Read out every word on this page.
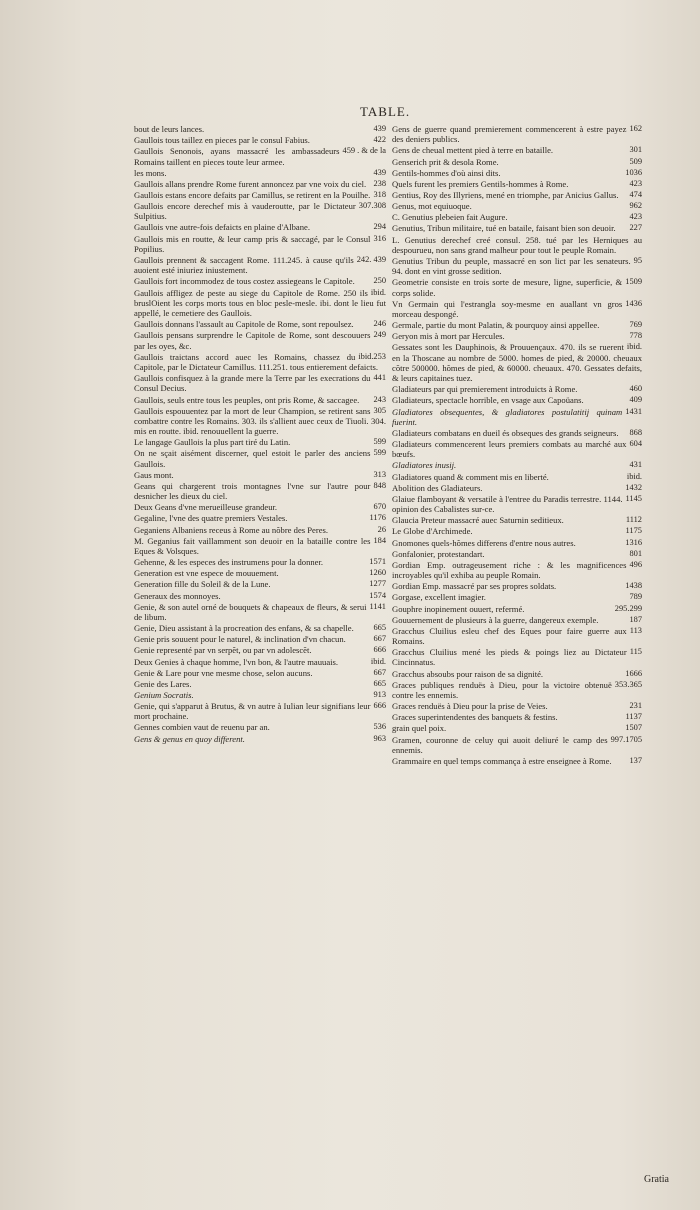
TABLE.
439
bout de leurs lances.
422
Gaullois tous taillez en pieces par le consul Fabius.
459 . & de la
Gaullois Senonois, ayans massacré les ambassadeurs Romains taillent en pieces toute leur armee.
439
les mons.
238
Gaullois allans prendre Rome furent annoncez par vne voix du ciel.
318
Gaullois estans encore defaits par Camillus, se retirent en la Pouilhe.
307.308
Gaullois encore derechef mis à vauderoutte, par le Dictateur Sulpitius.
294
Gaullois vne autre-fois defaicts en plaine d'Albane.
316
Gaullois mis en routte, & leur camp pris & saccagé, par le Consul Popilius.
242. 439
Gaullois prennent & saccagent Rome. 111.245. à cause qu'ils auoient esté iniuriez iniustement.
250
Gaullois fort incommodez de tous costez assiegeans le Capitole.
ibid.
Gaullois affligez de peste au siege du Capitole de Rome. 250 ils bruslOient les corps morts tous en bloc pesle-mesle. ibi. dont le lieu fut appellé, le cemetiere des Gaullois.
246
Gaullois donnans l'assault au Capitole de Rome, sont repoulsez.
249
Gaullois pensans surprendre le Capitole de Rome, sont descouuers par les oyes, &c.
ibid.253
Gaullois traictans accord auec les Romains, chassez du Capitole, par le Dictateur Camillus. 111.251. tous entierement defaicts.
441
Gaullois confisquez à la grande mere la Terre par les execrations du Consul Decius.
243
Gaullois, seuls entre tous les peuples, ont pris Rome, & saccagee.
305
Gaullois espouuentez par la mort de leur Champion, se retirent sans combattre contre les Romains. 303. ils s'allient auec ceux de Tiuoli. 304. mis en routte. ibid. renouuellent la guerre.
599
Le langage Gaullois la plus part tiré du Latin.
599
On ne sçait aisément discerner, quel estoit le parler des anciens Gaullois.
313
Gaus mont.
848
Geans qui chargerent trois montagnes l'vne sur l'autre pour desnicher les dieux du ciel.
670
Deux Geans d'vne merueilleuse grandeur.
1176
Gegaline, l'vne des quatre premiers Vestales.
26
Geganiens Albaniens receus à Rome au nõbre des Peres.
184
M. Geganius fait vaillamment son deuoir en la bataille contre les Eques & Volsques.
1571
Gehenne, & les especes des instrumens pour la donner.
1260
Generation est vne espece de mouuement.
1277
Generation fille du Soleil & de la Lune.
1574
Generaux des monnoyes.
1141
Genie, & son autel orné de bouquets & chapeaux de fleurs, & serui de libum.
665
Genie, Dieu assistant à la procreation des enfans, & sa chapelle.
667
Genie pris souuent pour le naturel, & inclination d'vn chacun.
666
Genie representé par vn serpẽt, ou par vn adolescẽt.
ibid.
Deux Genies à chaque homme, l'vn bon, & l'autre mauuais.
667
Genie & Lare pour vne mesme chose, selon aucuns.
665
Genie des Lares.
913
Genium Socratis.
666
Genie, qui s'apparut à Brutus, & vn autre à Iulian leur signifians leur mort prochaine.
536
Gennes combien vaut de reuenu par an.
963
Gens & genus en quoy different.
162
Gens de guerre quand premierement commencerent à estre payez des deniers publics.
301
Gens de cheual mettent pied à terre en bataille.
509
Genserich prit & desola Rome.
1036
Gentils-hommes d'où ainsi dits.
423
Quels furent les premiers Gentils-hommes à Rome.
474
Gentius, Roy des Illyriens, mené en triomphe, par Anicius Gallus.
962
Genus, mot equiuoque.
423
C. Genutius plebeien fait Augure.
227
Genutius, Tribun militaire, tué en bataile, faisant bien son deuoir.
L. Genutius derechef creé consul. 258. tué par les Herniques au despourueu, non sans grand malheur pour tout le peuple Romain.
95
Genutius Tribun du peuple, massacré en son lict par les senateurs. 94. dont en vint grosse sedition.
1509
Geometrie consiste en trois sorte de mesure, ligne, superficie, & corps solide.
1436
Vn Germain qui l'estrangla soy-mesme en auallant vn gros morceau despongé.
769
Germale, partie du mont Palatin, & pourquoy ainsi appellee.
778
Geryon mis à mort par Hercules.
ibid.
Gessates sont les Dauphinois, & Prouuençaux. 470. ils se ruerent en la Thoscane au nombre de 5000. homes de pied, & 20000. cheuaux cõtre 500000. hõmes de pied, & 60000. cheuaux. 470. Gessates defaits, & leurs capitaines tuez.
460
Gladiateurs par qui premierement introduicts à Rome.
409
Gladiateurs, spectacle horrible, en vsage aux Capoüans.
1431
Gladiatores obsequentes, & gladiatores postulatitij quinam fuerint.
868
Gladiateurs combatans en dueil és obseques des grands seigneurs.
604
Gladiateurs commencerent leurs premiers combats au marché aux bœufs.
431
Gladiatores inusij.
ibid.
Gladiatores quand & comment mis en liberté.
1432
Abolition des Gladiateurs.
1145
Glaiue flamboyant & versatile à l'entree du Paradis terrestre. 1144. opinion des Cabalistes sur-ce.
1112
Glaucia Preteur massacré auec Saturnin seditieux.
1175
Le Globe d'Archimede.
1316
Gnomones quels-hõmes differens d'entre nous autres.
801
Gonfalonier, protestandart.
496
Gordian Emp. outrageusement riche : & les magnificences incroyables qu'il exhiba au peuple Romain.
1438
Gordian Emp. massacré par ses propres soldats.
789
Gorgase, excellent imagier.
295.299
Gouphre inopinement ouuert, refermé.
187
Gouuernement de plusieurs à la guerre, dangereux exemple.
113
Gracchus Cluilius esleu chef des Eques pour faire guerre aux Romains.
115
Gracchus Cluilius mené les pieds & poings liez au Dictateur Cincinnatus.
1666
Gracchus absoubs pour raison de sa dignité.
353.365
Graces publiques renduës à Dieu, pour la victoire obtenuë contre les ennemis.
231
Graces renduës à Dieu pour la prise de Veies.
1137
Graces superintendentes des banquets & festins.
1507
grain quel poix.
997.1705
Gramen, couronne de celuy qui auoit deliuré le camp des ennemis.
137
Grammaire en quel temps commança à estre enseignee à Rome.
Gratia
